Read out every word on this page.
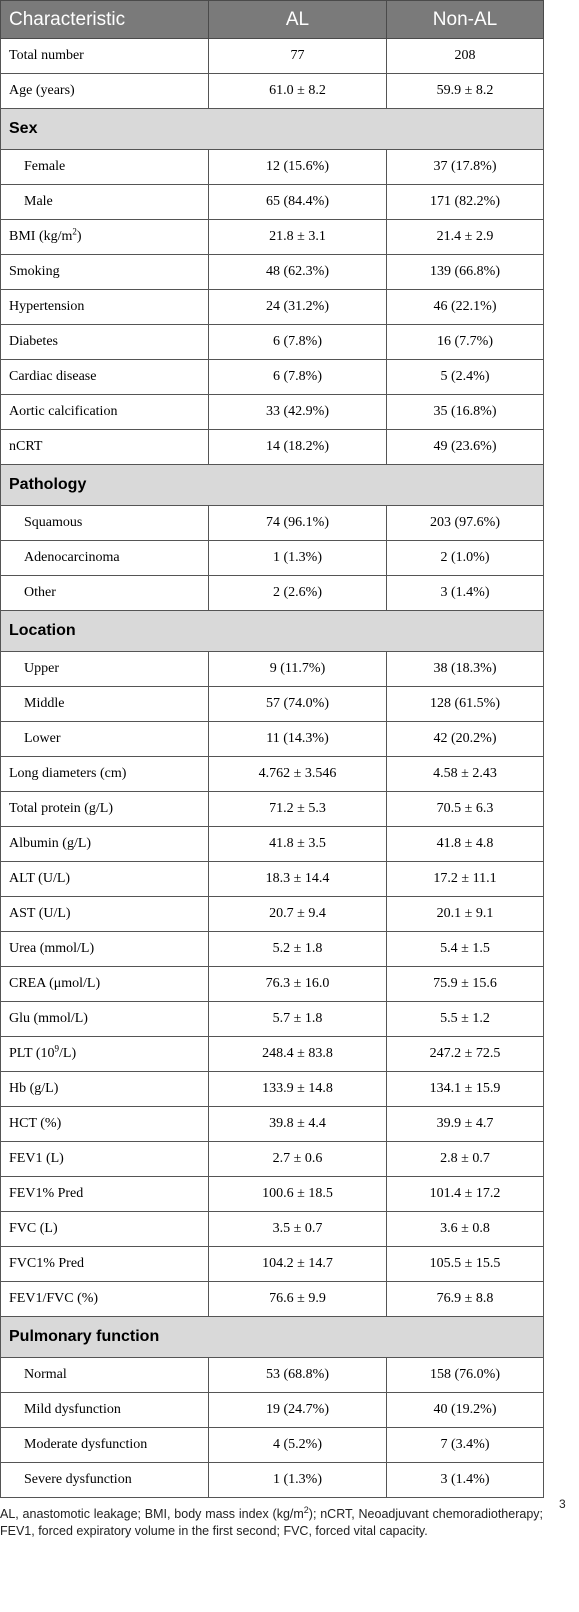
Characteristic	AL	Non-AL
Total number	77	208
Age (years)	61.0 ± 8.2	59.9 ± 8.2
Sex		
Female	12 (15.6%)	37 (17.8%)
Male	65 (84.4%)	171 (82.2%)
BMI $(kg/m^2)$	21.8 ± 3.1	21.4 ± 2.9
Smoking	48 (62.3%)	139 (66.8%)
Hypertension	24 (31.2%)	46 (22.1%)
Diabetes	6 (7.8%)	16 (7.7%)
Cardiac disease	6 (7.8%)	5 (2.4%)
Aortic calcification	33 (42.9%)	35 (16.8%)
nCRT	14 (18.2%)	49 (23.6%)
Pathology		
Squamous	74 (96.1%)	203 (97.6%)
Adenocarcinoma	1 (1.3%)	2 (1.0%)
Other	2 (2.6%)	3 (1.4%)
Location		
Upper	9 (11.7%)	38 (18.3%)
Middle	57 (74.0%)	128 (61.5%)
Lower	11 (14.3%)	42 (20.2%)
Long diameters (cm)	4.762 ± 3.546	4.58 ± 2.43
Total protein (g/L)	71.2 ± 5.3	70.5 ± 6.3
Albumin (g/L)	41.8 ± 3.5	41.8 ± 4.8
ALT (U/L)	18.3 ± 14.4	17.2 ± 11.1
AST (U/L)	20.7 ± 9.4	20.1 ± 9.1
Urea (mmol/L)	5.2 ± 1.8	5.4 ± 1.5
CREA (μmol/L)	76.3 ± 16.0	75.9 ± 15.6
Glu (mmol/L)	5.7 ± 1.8	5.5 ± 1.2
PLT $(10^9/L)$	248.4 ± 83.8	247.2 ± 72.5
Hb (g/L)	133.9 ± 14.8	134.1 ± 15.9
HCT (%)	39.8 ± 4.4	39.9 ± 4.7
FEV1 (L)	2.7 ± 0.6	2.8 ± 0.7
FEV1% Pred	100.6 ± 18.5	101.4 ± 17.2
FVC (L)	3.5 ± 0.7	3.6 ± 0.8
FVC1% Pred	104.2 ± 14.7	105.5 ± 15.5
FEV1/FVC (%)	76.6 ± 9.9	76.9 ± 8.8
Pulmonary function		
Normal	53 (68.8%)	158 (76.0%)
Mild dysfunction	19 (24.7%)	40 (19.2%)
Moderate dysfunction	4 (5.2%)	7 (3.4%)
Severe dysfunction	1 (1.3%)	3 (1.4%)
3
AL, anastomotic leakage; BMI, body mass index $(kg/m^2)$; nCRT, Neoadjuvant chemoradiotherapy; FEV1, forced expiratory volume in the first second; FVC, forced vital capacity.
